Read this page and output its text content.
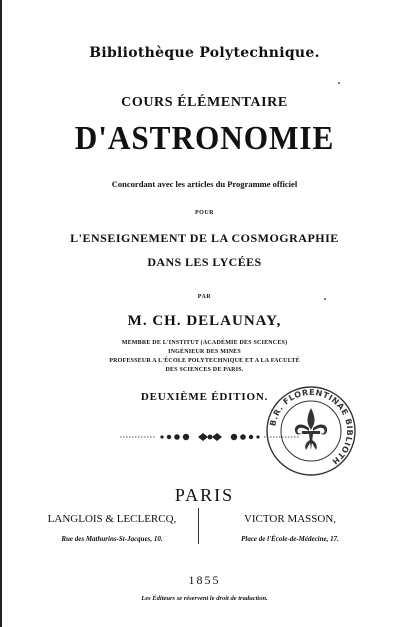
Bibliothèque Polytechnique.
COURS ÉLÉMENTAIRE
D'ASTRONOMIE
Concordant avec les articles du Programme officiel
POUR
L'ENSEIGNEMENT DE LA COSMOGRAPHIE
DANS LES LYCÉES
PAR
M. CH. DELAUNAY,
MEMBRE DE L'INSTITUT (ACADÉMIE DES SCIENCES)
INGÉNIEUR DES MINES
PROFESSEUR A L'ÉCOLE POLYTECHNIQUE ET A LA FACULTÉ
DES SCIENCES DE PARIS.
DEUXIÈME ÉDITION.
B.R. FLORENTINAE BIBLIOTH
PARIS
LANGLOIS & LECLERCQ,
Rue des Mathurins-St-Jacques, 10.
VICTOR MASSON,
Place de l'École-de-Médecine, 17.
1855
Les Éditeurs se réservent le droit de traduction.
